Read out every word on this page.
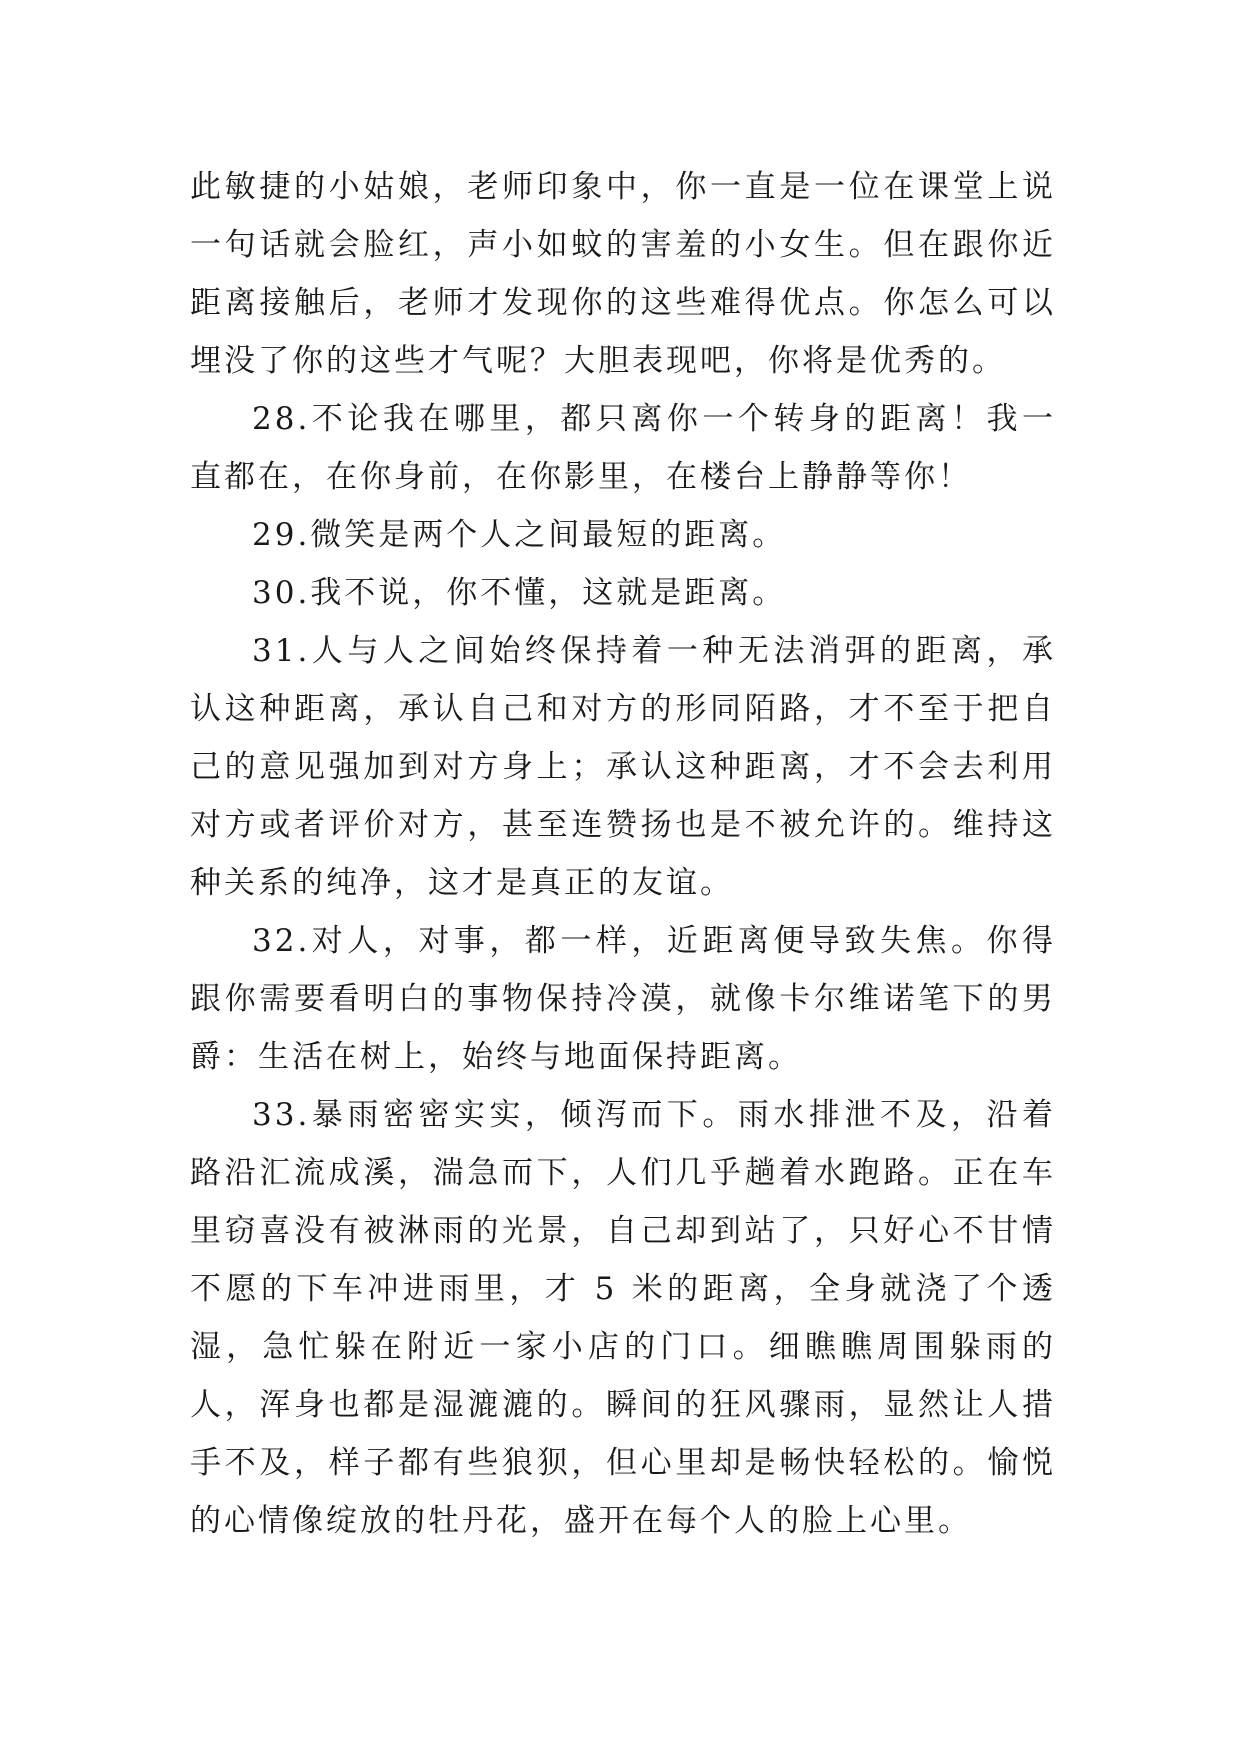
此敏捷的小姑娘，老师印象中，你一直是一位在课堂上说一句话就会脸红，声小如蚊的害羞的小女生。但在跟你近距离接触后，老师才发现你的这些难得优点。你怎么可以埋没了你的这些才气呢？大胆表现吧，你将是优秀的。

28.不论我在哪里，都只离你一个转身的距离！我一直都在，在你身前，在你影里，在楼台上静静等你！

29.微笑是两个人之间最短的距离。

30.我不说，你不懂，这就是距离。

31.人与人之间始终保持着一种无法消弭的距离，承认这种距离，承认自己和对方的形同陌路，才不至于把自己的意见强加到对方身上；承认这种距离，才不会去利用对方或者评价对方，甚至连赞扬也是不被允许的。维持这种关系的纯净，这才是真正的友谊。

32.对人，对事，都一样，近距离便导致失焦。你得跟你需要看明白的事物保持冷漠，就像卡尔维诺笔下的男爵：生活在树上，始终与地面保持距离。

33.暴雨密密实实，倾泻而下。雨水排泄不及，沿着路沿汇流成溪，湍急而下，人们几乎趟着水跑路。正在车里窃喜没有被淋雨的光景，自己却到站了，只好心不甘情不愿的下车冲进雨里，才 5 米的距离，全身就浇了个透湿，急忙躲在附近一家小店的门口。细瞧瞧周围躲雨的人，浑身也都是湿漉漉的。瞬间的狂风骤雨，显然让人措手不及，样子都有些狼狈，但心里却是畅快轻松的。愉悦的心情像绽放的牡丹花，盛开在每个人的脸上心里。
